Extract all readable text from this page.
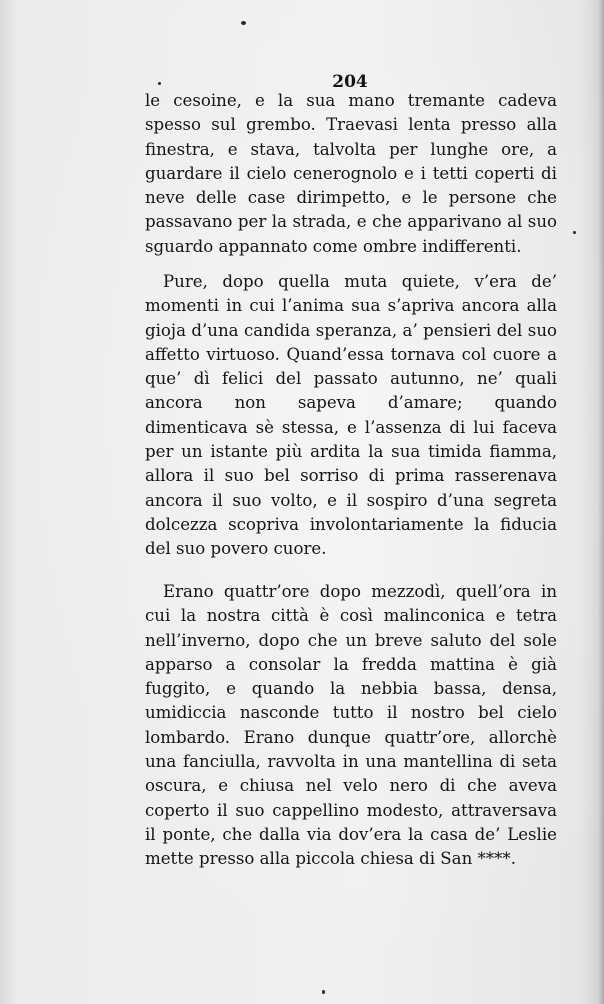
204

le cesoine, e la sua mano tremante cadeva spesso sul grembo. Traevasi lenta presso alla finestra, e stava, talvolta per lunghe ore, a guardare il cielo cenerognolo e i tetti coperti di neve delle case dirimpetto, e le persone che passavano per la strada, e che apparivano al suo sguardo appannato come ombre indifferenti.

Pure, dopo quella muta quiete, v’era de’ momenti in cui l’anima sua s’apriva ancora alla gioja d’una candida speranza, a’ pensieri del suo affetto virtuoso. Quand’essa tornava col cuore a que’ dì felici del passato autunno, ne’ quali ancora non sapeva d’amare; quando dimenticava sè stessa, e l’assenza di lui faceva per un istante più ardita la sua timida fiamma, allora il suo bel sorriso di prima rasserenava ancora il suo volto, e il sospiro d’una segreta dolcezza scopriva involontariamente la fiducia del suo povero cuore.

Erano quattr’ore dopo mezzodì, quell’ora in cui la nostra città è così malinconica e tetra nell’inverno, dopo che un breve saluto del sole apparso a consolar la fredda mattina è già fuggito, e quando la nebbia bassa, densa, umidiccia nasconde tutto il nostro bel cielo lombardo. Erano dunque quattr’ore, allorchè una fanciulla, ravvolta in una mantellina di seta oscura, e chiusa nel velo nero di che aveva coperto il suo cappellino modesto, attraversava il ponte, che dalla via dov’era la casa de’ Leslie mette presso alla piccola chiesa di San ****.
